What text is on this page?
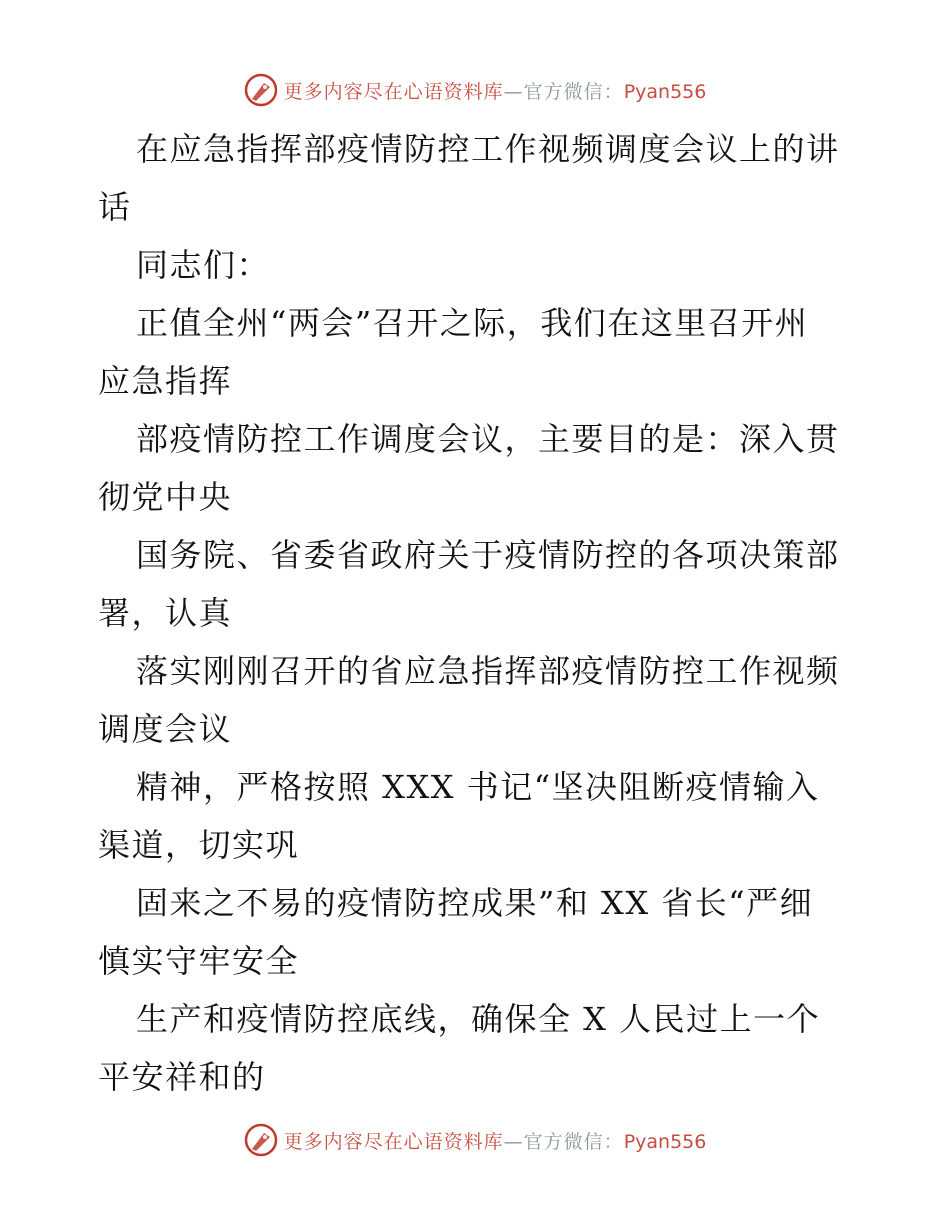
更多内容尽在心语资料库—官方微信：Pyan556
在应急指挥部疫情防控工作视频调度会议上的讲
话
同志们：
正值全州“两会”召开之际，我们在这里召开州
应急指挥
部疫情防控工作调度会议，主要目的是：深入贯
彻党中央
国务院、省委省政府关于疫情防控的各项决策部
署，认真
落实刚刚召开的省应急指挥部疫情防控工作视频
调度会议
精神，严格按照 XXX 书记“坚决阻断疫情输入
渠道，切实巩
固来之不易的疫情防控成果”和 XX 省长“严细
慎实守牢安全
生产和疫情防控底线，确保全 X 人民过上一个
平安祥和的
更多内容尽在心语资料库—官方微信：Pyan556
